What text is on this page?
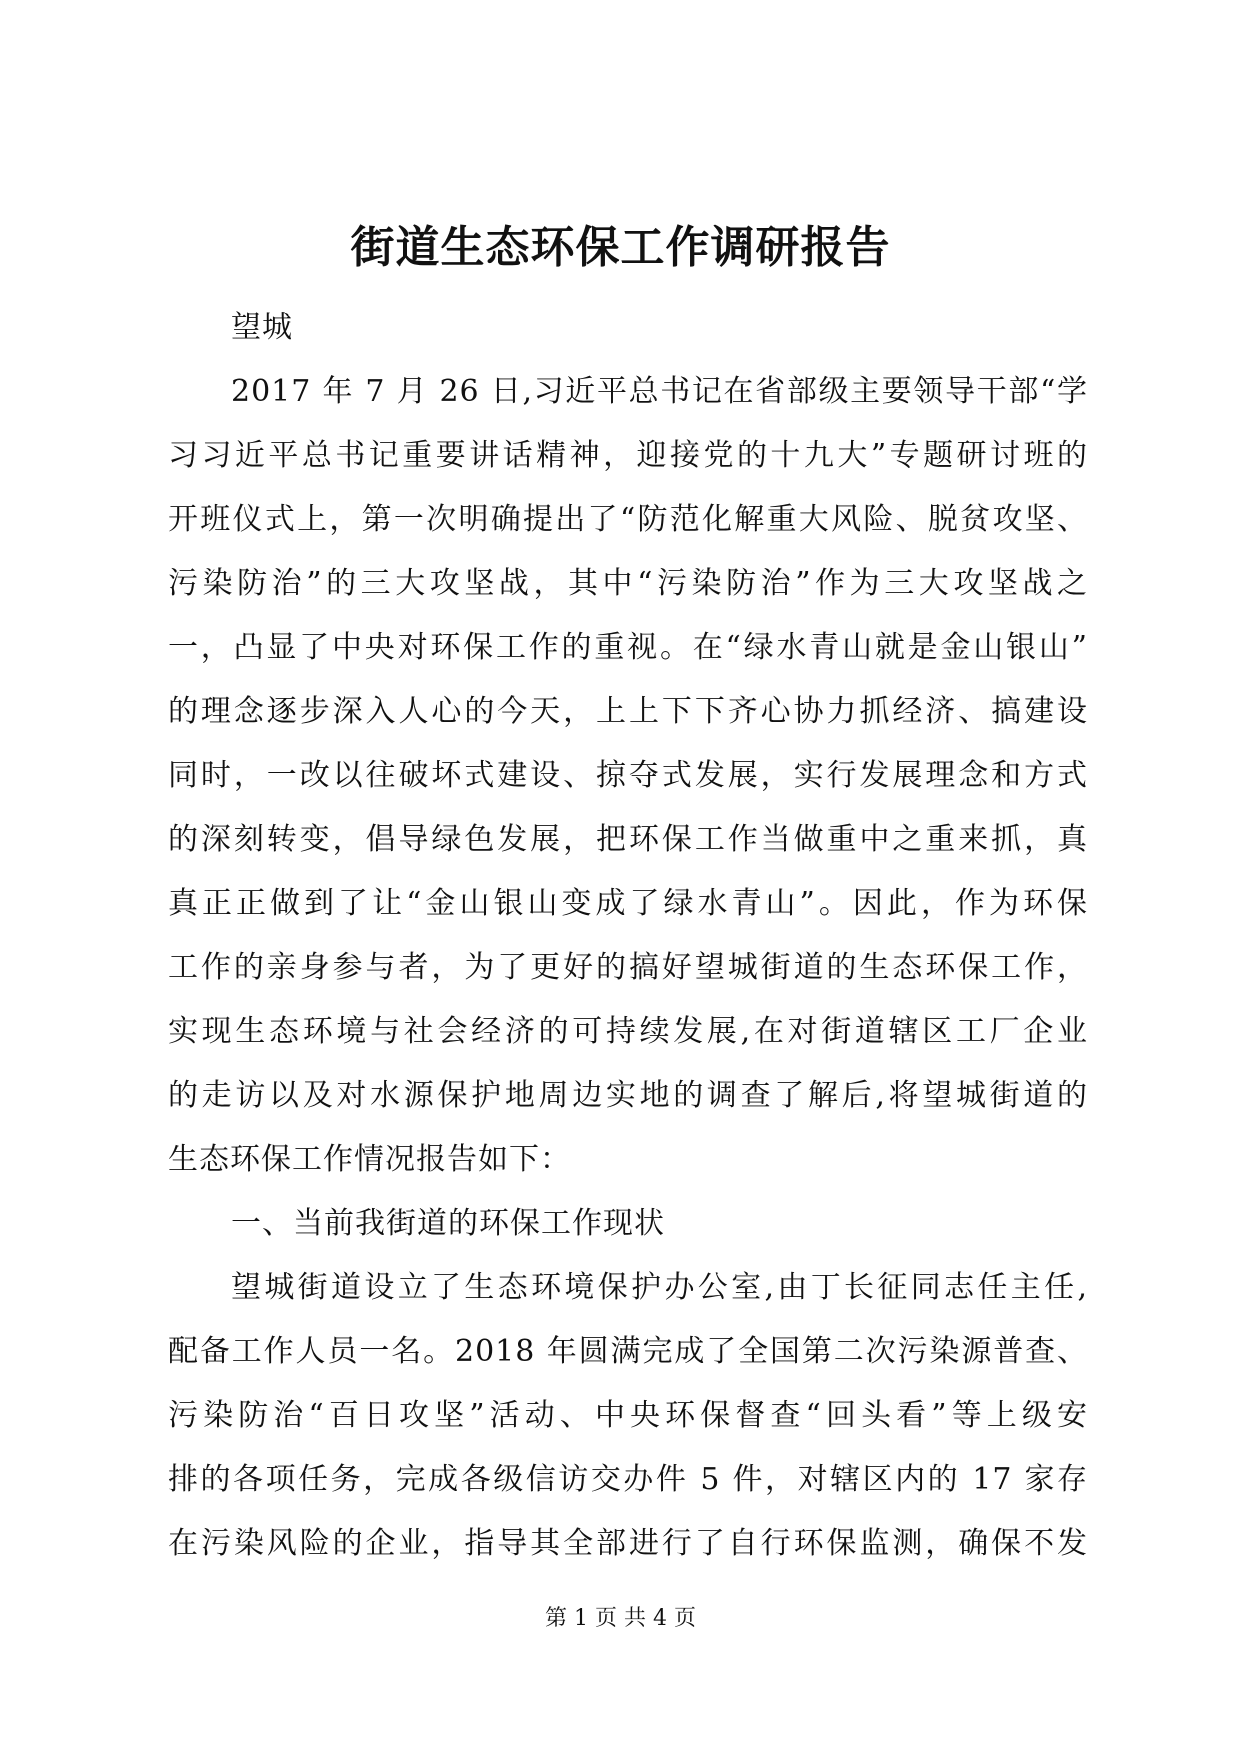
街道生态环保工作调研报告
望城
2017 年 7 月 26 日,习近平总书记在省部级主要领导干部“学
习习近平总书记重要讲话精神，迎接党的十九大”专题研讨班的
开班仪式上，第一次明确提出了“防范化解重大风险、脱贫攻坚、
污染防治”的三大攻坚战，其中“污染防治”作为三大攻坚战之
一，凸显了中央对环保工作的重视。在“绿水青山就是金山银山”
的理念逐步深入人心的今天，上上下下齐心协力抓经济、搞建设
同时，一改以往破坏式建设、掠夺式发展，实行发展理念和方式
的深刻转变，倡导绿色发展，把环保工作当做重中之重来抓，真
真正正做到了让“金山银山变成了绿水青山”。因此，作为环保
工作的亲身参与者，为了更好的搞好望城街道的生态环保工作，
实现生态环境与社会经济的可持续发展,在对街道辖区工厂企业
的走访以及对水源保护地周边实地的调查了解后,将望城街道的
生态环保工作情况报告如下：
一、当前我街道的环保工作现状
望城街道设立了生态环境保护办公室,由丁长征同志任主任,
配备工作人员一名。2018 年圆满完成了全国第二次污染源普查、
污染防治“百日攻坚”活动、中央环保督查“回头看”等上级安
排的各项任务，完成各级信访交办件 5 件，对辖区内的 17 家存
在污染风险的企业，指导其全部进行了自行环保监测，确保不发
第 1 页 共 4 页
